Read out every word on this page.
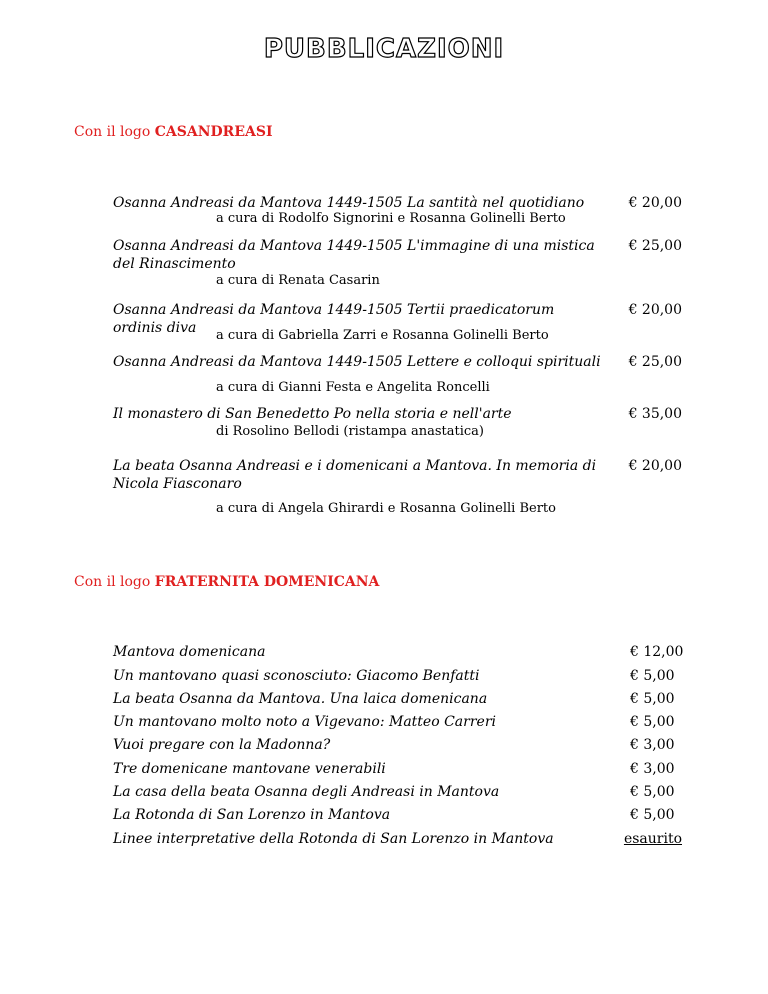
PUBBLICAZIONI
Con il logo CASANDREASI
Osanna Andreasi da Mantova 1449-1505 La santità nel quotidiano
a cura di Rodolfo Signorini e Rosanna Golinelli Berto
€ 20,00
Osanna Andreasi da Mantova 1449-1505 L'immagine di una mistica del Rinascimento
a cura di Renata Casarin
€ 25,00
Osanna Andreasi da Mantova 1449-1505 Tertii praedicatorum ordinis diva	a cura di Gabriella Zarri e Rosanna Golinelli Berto
€ 20,00
Osanna Andreasi da Mantova 1449-1505 Lettere e colloqui spirituali
a cura di Gianni Festa e Angelita Roncelli
€ 25,00
Il monastero di San Benedetto Po nella storia e nell'arte
di Rosolino Bellodi (ristampa anastatica)
€ 35,00
La beata Osanna Andreasi e i domenicani a Mantova. In memoria di Nicola Fiasconaro
a cura di Angela Ghirardi e Rosanna Golinelli Berto
€ 20,00
Con il logo FRATERNITA DOMENICANA
Mantova domenicana	€ 12,00
Un mantovano quasi sconosciuto: Giacomo Benfatti	€ 5,00
La beata Osanna da Mantova. Una laica domenicana	€ 5,00
Un mantovano molto noto a Vigevano: Matteo Carreri	€ 5,00
Vuoi pregare con la Madonna?	€ 3,00
Tre domenicane mantovane venerabili	€ 3,00
La casa della beata Osanna degli Andreasi in Mantova	€ 5,00
La Rotonda di San Lorenzo in Mantova	€ 5,00
Linee interpretative della Rotonda di San Lorenzo in Mantova	esaurito
